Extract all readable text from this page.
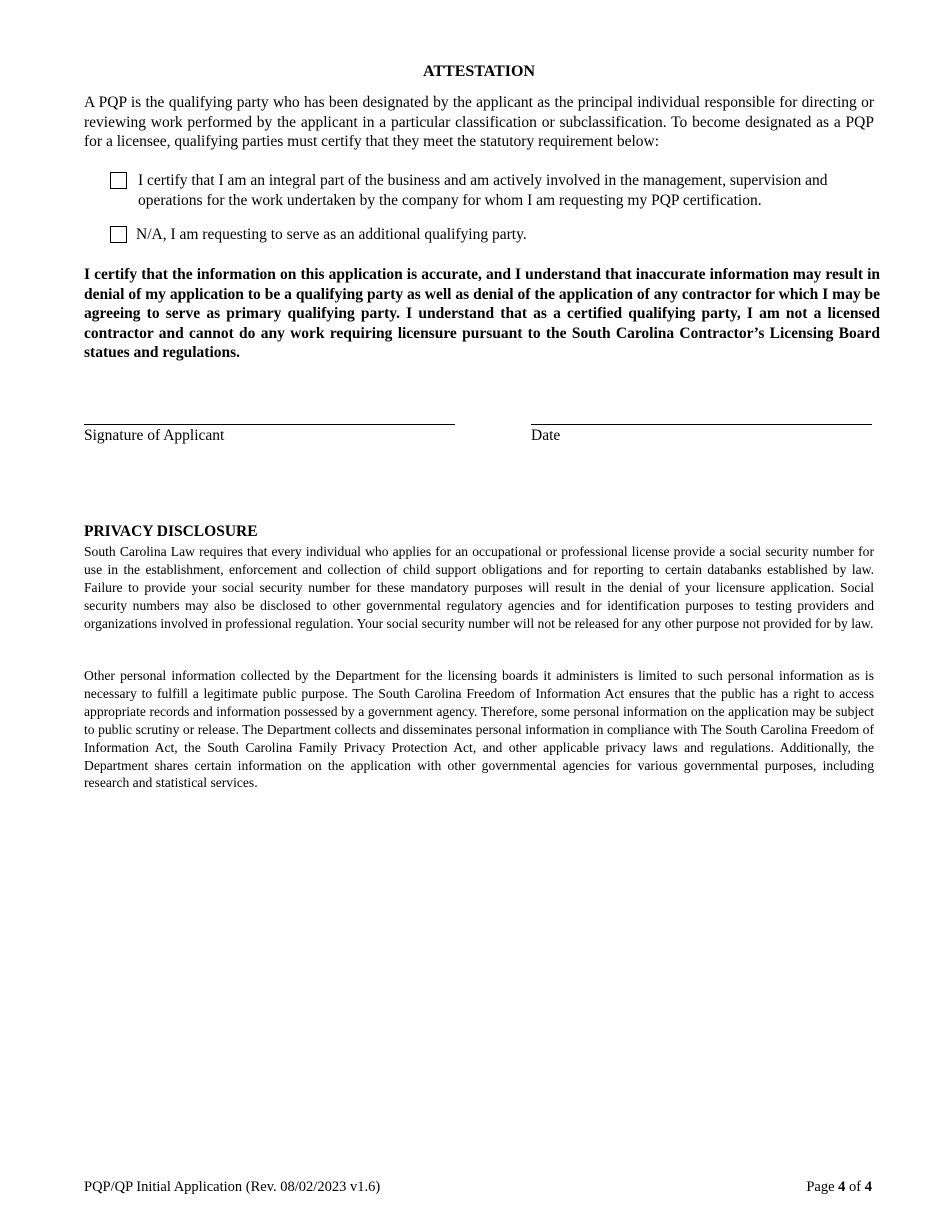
ATTESTATION
A PQP is the qualifying party who has been designated by the applicant as the principal individual responsible for directing or reviewing work performed by the applicant in a particular classification or subclassification. To become designated as a PQP for a licensee, qualifying parties must certify that they meet the statutory requirement below:
I certify that I am an integral part of the business and am actively involved in the management, supervision and operations for the work undertaken by the company for whom I am requesting my PQP certification.
N/A, I am requesting to serve as an additional qualifying party.
I certify that the information on this application is accurate, and I understand that inaccurate information may result in denial of my application to be a qualifying party as well as denial of the application of any contractor for which I may be agreeing to serve as primary qualifying party. I understand that as a certified qualifying party, I am not a licensed contractor and cannot do any work requiring licensure pursuant to the South Carolina Contractor’s Licensing Board statues and regulations.
Signature of Applicant	Date
PRIVACY DISCLOSURE
South Carolina Law requires that every individual who applies for an occupational or professional license provide a social security number for use in the establishment, enforcement and collection of child support obligations and for reporting to certain databanks established by law. Failure to provide your social security number for these mandatory purposes will result in the denial of your licensure application. Social security numbers may also be disclosed to other governmental regulatory agencies and for identification purposes to testing providers and organizations involved in professional regulation. Your social security number will not be released for any other purpose not provided for by law.
Other personal information collected by the Department for the licensing boards it administers is limited to such personal information as is necessary to fulfill a legitimate public purpose. The South Carolina Freedom of Information Act ensures that the public has a right to access appropriate records and information possessed by a government agency. Therefore, some personal information on the application may be subject to public scrutiny or release. The Department collects and disseminates personal information in compliance with The South Carolina Freedom of Information Act, the South Carolina Family Privacy Protection Act, and other applicable privacy laws and regulations. Additionally, the Department shares certain information on the application with other governmental agencies for various governmental purposes, including research and statistical services.
PQP/QP Initial Application (Rev. 08/02/2023 v1.6)	Page 4 of 4
